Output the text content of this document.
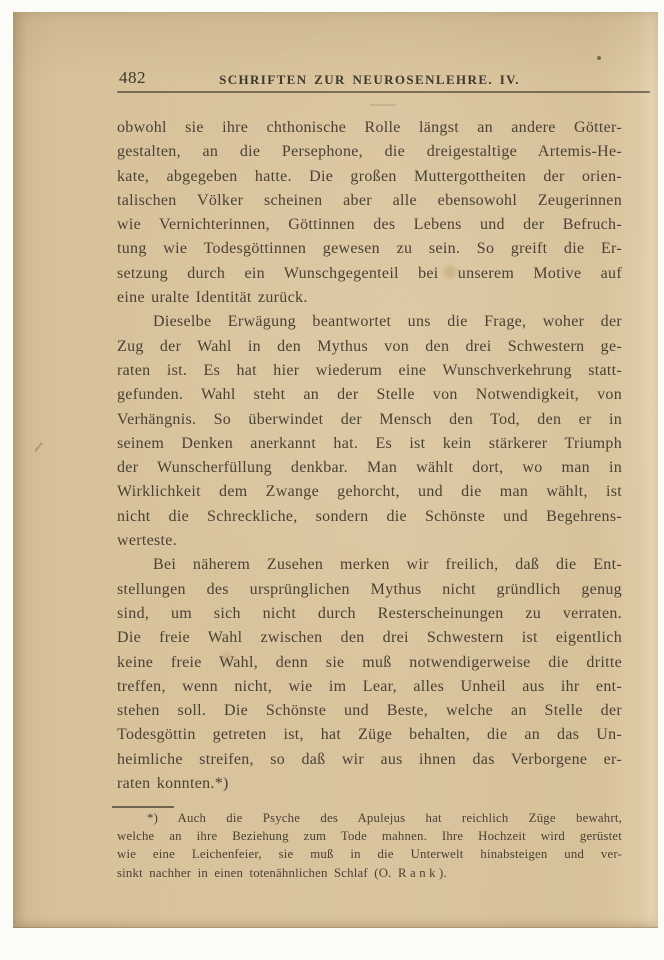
482	SCHRIFTEN ZUR NEUROSENLEHRE. IV.
obwohl sie ihre chthonische Rolle längst an andere Götter-
gestalten, an die Persephone, die dreigestaltige Artemis-He-
kate, abgegeben hatte. Die großen Muttergottheiten der orien-
talischen Völker scheinen aber alle ebensowohl Zeugerinnen
wie Vernichterinnen, Göttinnen des Lebens und der Befruch-
tung wie Todesgöttinnen gewesen zu sein. So greift die Er-
setzung durch ein Wunschgegenteil bei unserem Motive auf
eine uralte Identität zurück.
Dieselbe Erwägung beantwortet uns die Frage, woher der
Zug der Wahl in den Mythus von den drei Schwestern ge-
raten ist. Es hat hier wiederum eine Wunschverkehrung statt-
gefunden. Wahl steht an der Stelle von Notwendigkeit, von
Verhängnis. So überwindet der Mensch den Tod, den er in
seinem Denken anerkannt hat. Es ist kein stärkerer Triumph
der Wunscherfüllung denkbar. Man wählt dort, wo man in
Wirklichkeit dem Zwange gehorcht, und die man wählt, ist
nicht die Schreckliche, sondern die Schönste und Begehrens-
werteste.
Bei näherem Zusehen merken wir freilich, daß die Ent-
stellungen des ursprünglichen Mythus nicht gründlich genug
sind, um sich nicht durch Resterscheinungen zu verraten.
Die freie Wahl zwischen den drei Schwestern ist eigentlich
keine freie Wahl, denn sie muß notwendigerweise die dritte
treffen, wenn nicht, wie im Lear, alles Unheil aus ihr ent-
stehen soll. Die Schönste und Beste, welche an Stelle der
Todesgöttin getreten ist, hat Züge behalten, die an das Un-
heimliche streifen, so daß wir aus ihnen das Verborgene er-
raten konnten.*)
*) Auch die Psyche des Apulejus hat reichlich Züge bewahrt,
welche an ihre Beziehung zum Tode mahnen. Ihre Hochzeit wird gerüstet
wie eine Leichenfeier, sie muß in die Unterwelt hinabsteigen und ver-
sinkt nachher in einen totenähnlichen Schlaf (O. Rank).
